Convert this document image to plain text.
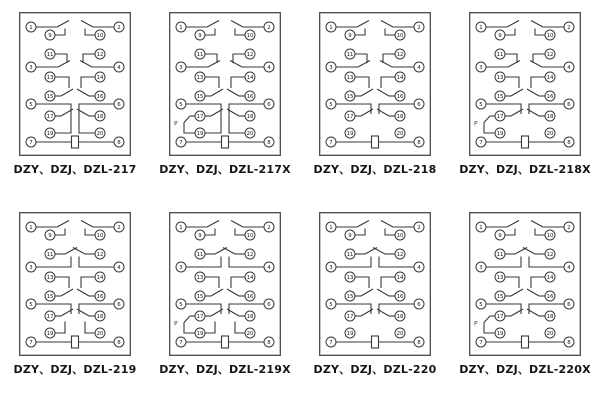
1	2
9	10
11	12
3	4
13	14
15	16
5	6
17	18
19	20
7	8
DZY、DZJ、DZL-217
P
1	2
9	10
11	12
3	4
13	14
15	16
5	6
17	18
19	20
7	8
DZY、DZJ、DZL-217X
1	2
9	10
11	12
3	4
13	14
15	16
5	6
17	18
19	20
7	8
DZY、DZJ、DZL-218
P
1	2
9	10
11	12
3	4
13	14
15	16
5	6
17	18
19	20
7	8
DZY、DZJ、DZL-218X
1	2
9	10
11	12
3	4
13	14
15	16
5	6
17	18
19	20
7	8
DZY、DZJ、DZL-219
P
1	2
9	10
11	12
3	4
13	14
15	16
5	6
17	18
19	20
7	8
DZY、DZJ、DZL-219X
1	2
9	10
11	12
3	4
13	14
15	16
5	6
17	18
19	20
7	8
DZY、DZJ、DZL-220
P
1	2
9	10
11	12
3	4
13	14
15	16
5	6
17	18
19	20
7	8
DZY、DZJ、DZL-220X
